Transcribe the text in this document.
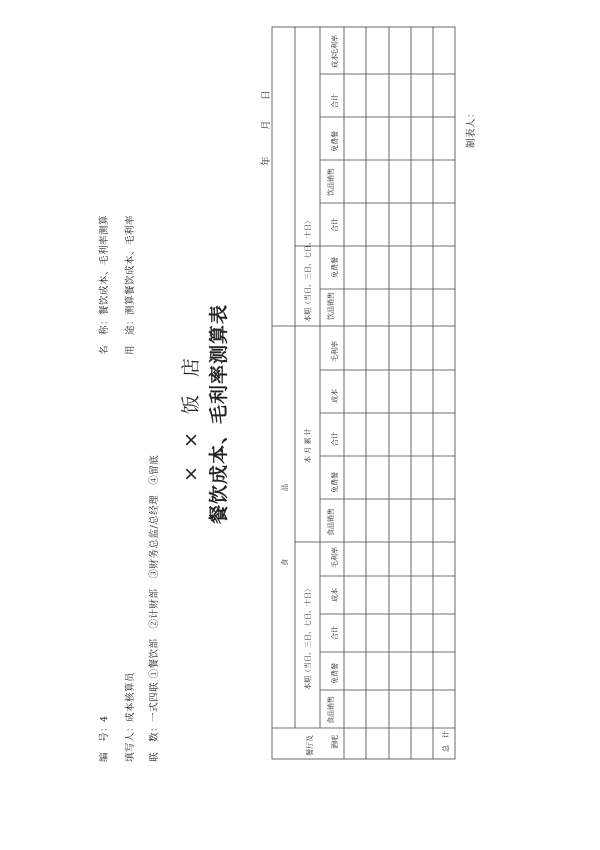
编　号：4
名　称：餐饮成本、毛利率测算
填写人：成本核算员
用　途：测算餐饮成本、毛利率
联　数：一式四联 ①餐饮部　②计财部　③财务总监/总经理　④留底
× × 饭 店 餐饮成本、毛利率测算表
年
月
日
制表人：
餐厅及 酒吧	总　计
食
品
本期（当日、三日、七日、十日）
本 月 累 计
本期（当日、三日、七日、十日）
食品销售
免费餐
合计
成本
毛利率
食品销售
免费餐
合计
成本
毛利率
饮品销售
免费餐
合计
饮品销售
免费餐
合计
成本
毛利率
